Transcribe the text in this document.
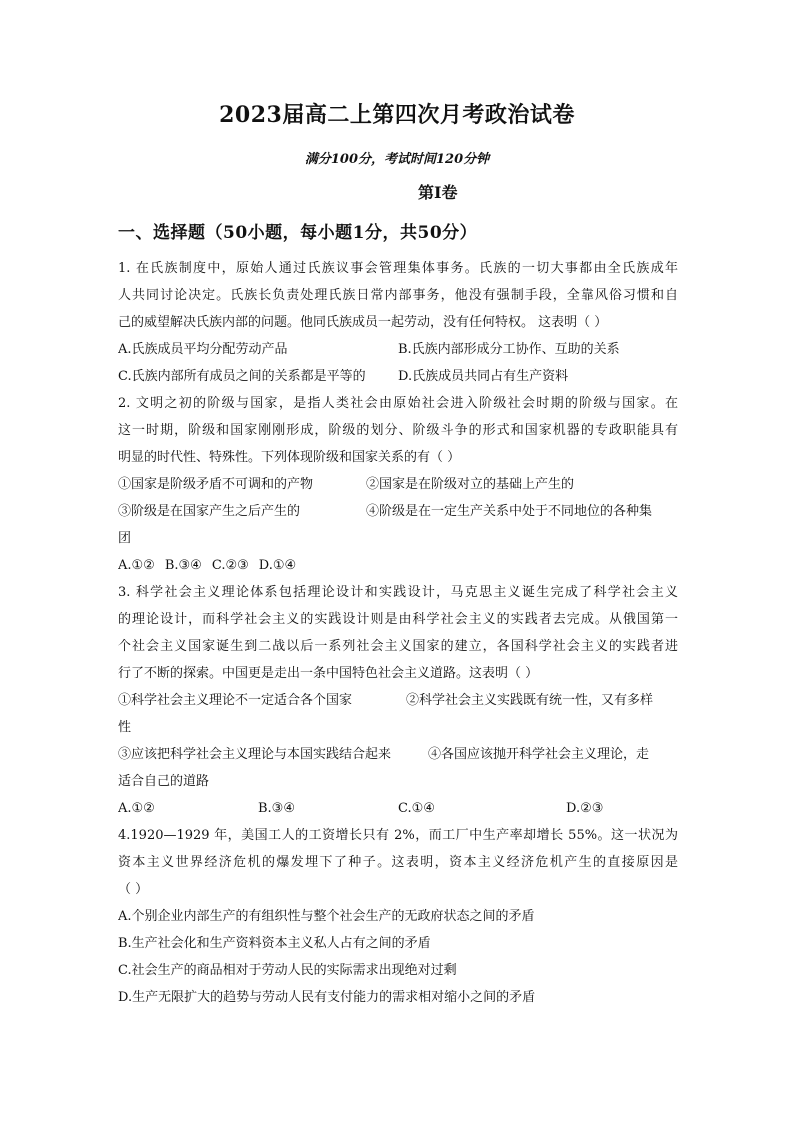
2023届高二上第四次月考政治试卷
满分100分，考试时间120分钟
第Ⅰ卷
一、选择题（50小题，每小题1分，共50分）
1. 在氏族制度中，原始人通过氏族议事会管理集体事务。氏族的一切大事都由全氏族成年
人共同讨论决定。氏族长负责处理氏族日常内部事务，他没有强制手段，全靠风俗习惯和自
己的威望解决氏族内部的问题。他同氏族成员一起劳动，没有任何特权。 这表明（ ）
A.氏族成员平均分配劳动产品	B.氏族内部形成分工协作、互助的关系
C.氏族内部所有成员之间的关系都是平等的	D.氏族成员共同占有生产资料
2. 文明之初的阶级与国家，是指人类社会由原始社会进入阶级社会时期的阶级与国家。在
这一时期，阶级和国家刚刚形成，阶级的划分、阶级斗争的形式和国家机器的专政职能具有
明显的时代性、特殊性。下列体现阶级和国家关系的有（ ）
①国家是阶级矛盾不可调和的产物	②国家是在阶级对立的基础上产生的
③阶级是在国家产生之后产生的	④阶级是在一定生产关系中处于不同地位的各种集
团
A.①② B.③④ C.②③ D.①④
3. 科学社会主义理论体系包括理论设计和实践设计，马克思主义诞生完成了科学社会主义
的理论设计，而科学社会主义的实践设计则是由科学社会主义的实践者去完成。从俄国第一
个社会主义国家诞生到二战以后一系列社会主义国家的建立，各国科学社会主义的实践者进
行了不断的探索。中国更是走出一条中国特色社会主义道路。这表明（ ）
①科学社会主义理论不一定适合各个国家	②科学社会主义实践既有统一性，又有多样
性
③应该把科学社会主义理论与本国实践结合起来	④各国应该抛开科学社会主义理论，走
适合自己的道路
A.①②	B.③④	C.①④	D.②③
4.1920—1929 年，美国工人的工资增长只有 2%，而工厂中生产率却增长 55%。这一状况为
资本主义世界经济危机的爆发埋下了种子。这表明，资本主义经济危机产生的直接原因是
（ ）
A.个别企业内部生产的有组织性与整个社会生产的无政府状态之间的矛盾
B.生产社会化和生产资料资本主义私人占有之间的矛盾
C.社会生产的商品相对于劳动人民的实际需求出现绝对过剩
D.生产无限扩大的趋势与劳动人民有支付能力的需求相对缩小之间的矛盾
